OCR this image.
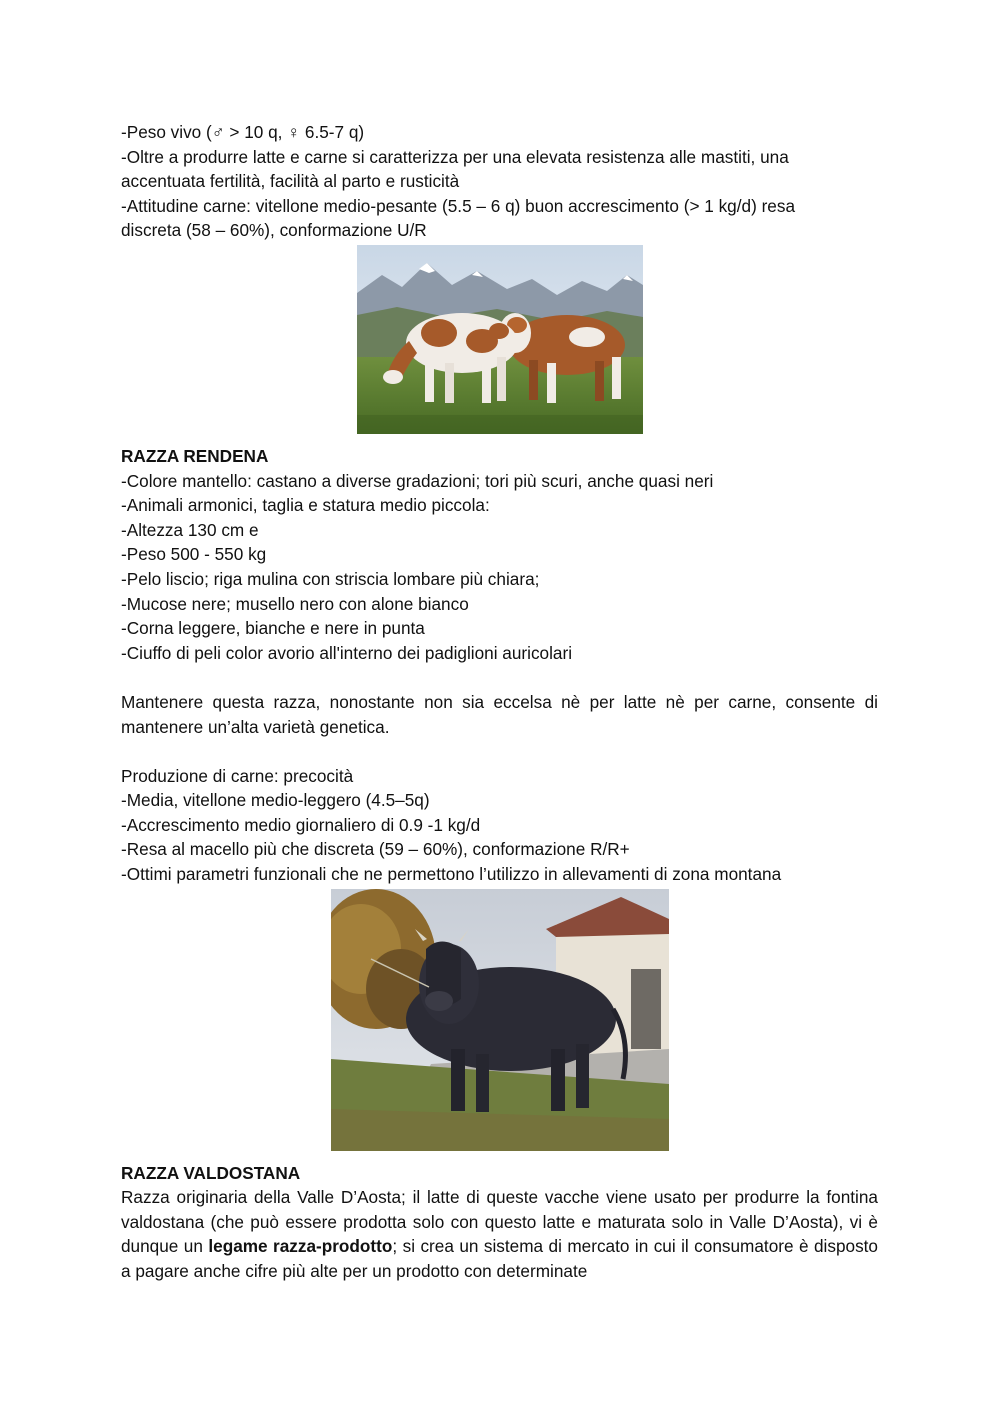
-Peso vivo (♂ > 10 q, ♀ 6.5-7 q)
-Oltre a produrre latte e carne si caratterizza per una elevata resistenza alle mastiti, una
accentuata fertilità, facilità al parto e rusticità
-Attitudine carne: vitellone medio-pesante (5.5 – 6 q) buon accrescimento (> 1 kg/d) resa
discreta (58 – 60%), conformazione U/R
RAZZA RENDENA
-Colore mantello: castano a diverse gradazioni; tori più scuri, anche quasi neri
-Animali armonici, taglia e statura medio piccola:
-Altezza 130 cm e
-Peso 500 - 550 kg
-Pelo liscio; riga mulina con striscia lombare più chiara;
-Mucose nere; musello nero con alone bianco
-Corna leggere, bianche e nere in punta
-Ciuffo di peli color avorio all'interno dei padiglioni auricolari

Mantenere questa razza, nonostante non sia eccelsa nè per latte nè per carne, consente di mantenere un’alta varietà genetica.

Produzione di carne: precocità
-Media, vitellone medio-leggero (4.5–5q)
-Accrescimento medio giornaliero di 0.9 -1 kg/d
-Resa al macello più che discreta (59 – 60%), conformazione R/R+
-Ottimi parametri funzionali che ne permettono l’utilizzo in allevamenti di zona montana
RAZZA VALDOSTANA

Razza originaria della Valle D’Aosta; il latte di queste vacche viene usato per produrre la fontina valdostana (che può essere prodotta solo con questo latte e maturata solo in Valle D’Aosta), vi è dunque un legame razza-prodotto; si crea un sistema di mercato in cui il consumatore è disposto a pagare anche cifre più alte per un prodotto con determinate
